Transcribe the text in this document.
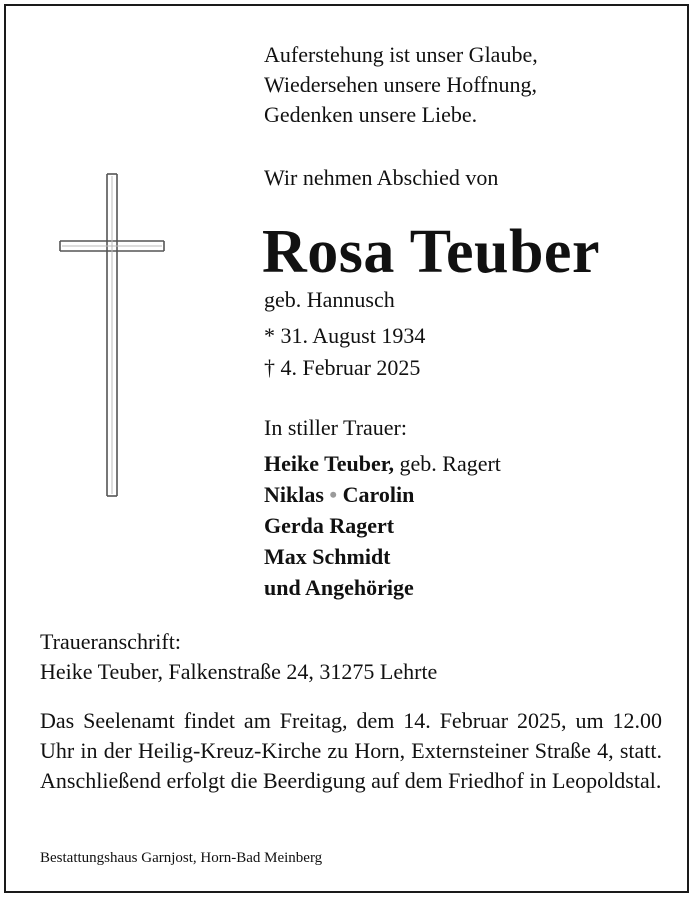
Auferstehung ist unser Glaube,
Wiedersehen unsere Hoffnung,
Gedenken unsere Liebe.
Wir nehmen Abschied von
Rosa Teuber
geb. Hannusch
* 31. August 1934
† 4. Februar 2025
In stiller Trauer:
Heike Teuber, geb. Ragert
Niklas • Carolin
Gerda Ragert
Max Schmidt
und Angehörige
Traueranschrift:
Heike Teuber, Falkenstraße 24, 31275 Lehrte

Das Seelenamt findet am Freitag, dem 14. Februar 2025, um 12.00 Uhr in der Heilig-Kreuz-Kirche zu Horn, Externsteiner Straße 4, statt. Anschließend erfolgt die Beerdigung auf dem Friedhof in Leopoldstal.

Bestattungshaus Garnjost, Horn-Bad Meinberg
